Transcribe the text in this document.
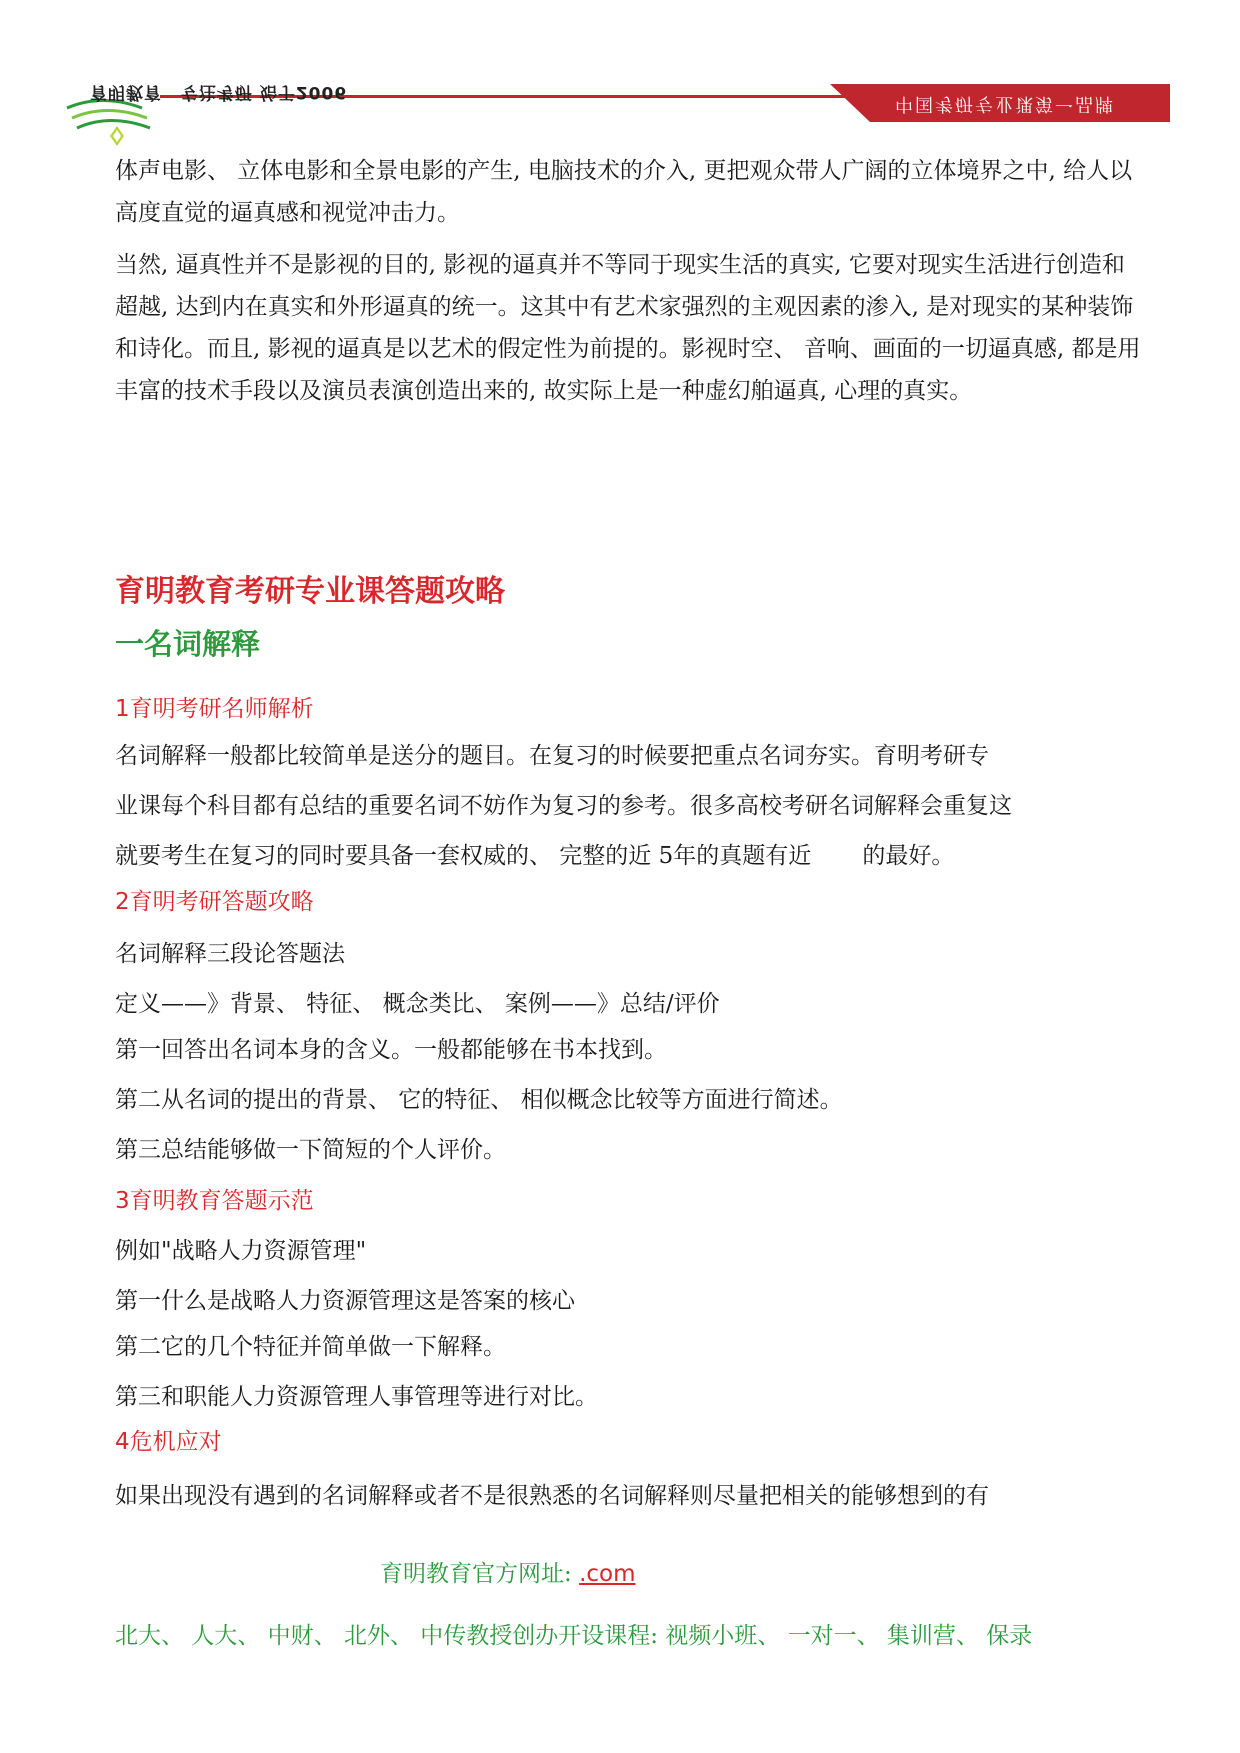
中国考研专业课第一品牌
育明教育 专注考研 始于2006

体声电影、 立体电影和全景电影的产生, 电脑技术的介入, 更把观众带人广阔的立体境界之中, 给人以高度直觉的逼真感和视觉冲击力。

当然, 逼真性并不是影视的目的, 影视的逼真并不等同于现实生活的真实, 它要对现实生活进行创造和超越, 达到内在真实和外形逼真的统一。这其中有艺术家强烈的主观因素的渗入, 是对现实的某种装饰和诗化。而且, 影视的逼真是以艺术的假定性为前提的。影视时空、 音响、画面的一切逼真感, 都是用丰富的技术手段以及演员表演创造出来的, 故实际上是一种虚幻舶逼真, 心理的真实。

育明教育考研专业课答题攻略
一名词解释

1育明考研名师解析

名词解释一般都比较简单是送分的题目。在复习的时候要把重点名词夯实。育明考研专

业课每个科目都有总结的重要名词不妨作为复习的参考。很多高校考研名词解释会重复这

就要考生在复习的同时要具备一套权威的、 完整的近 5年的真题有近       的最好。

2育明考研答题攻略

名词解释三段论答题法

定义——》背景、 特征、 概念类比、 案例——》总结/评价

第一回答出名词本身的含义。一般都能够在书本找到。

第二从名词的提出的背景、 它的特征、 相似概念比较等方面进行简述。

第三总结能够做一下简短的个人评价。

3育明教育答题示范

例如"战略人力资源管理"

第一什么是战略人力资源管理这是答案的核心

第二它的几个特征并简单做一下解释。

第三和职能人力资源管理人事管理等进行对比。

4危机应对

如果出现没有遇到的名词解释或者不是很熟悉的名词解释则尽量把相关的能够想到的有

育明教育官方网址: .com
北大、 人大、 中财、 北外、 中传教授创办开设课程: 视频小班、 一对一、 集训营、 保录
